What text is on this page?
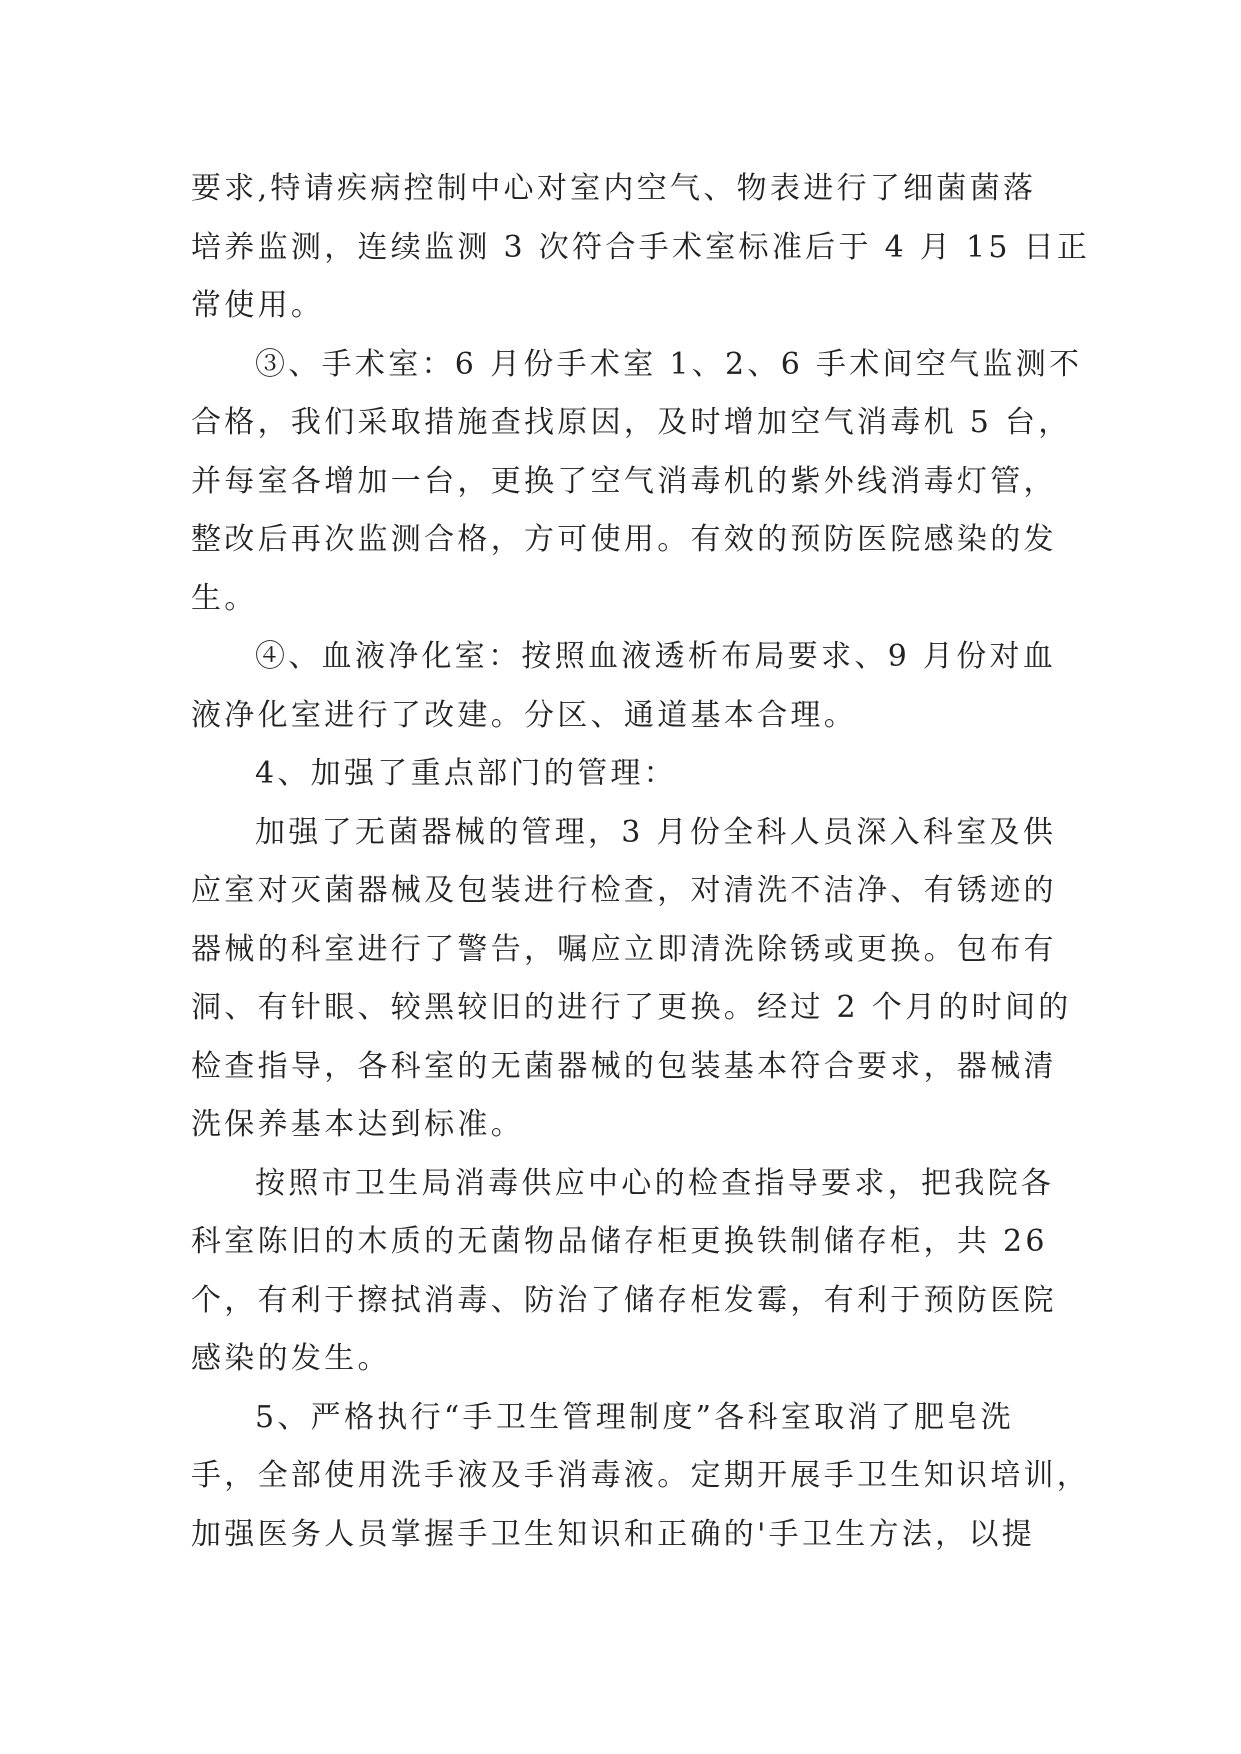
要求,特请疾病控制中心对室内空气、物表进行了细菌菌落
培养监测，连续监测 3 次符合手术室标准后于 4 月 15 日正
常使用。
③、手术室：6 月份手术室 1、2、6 手术间空气监测不
合格，我们采取措施查找原因，及时增加空气消毒机 5 台，
并每室各增加一台，更换了空气消毒机的紫外线消毒灯管，
整改后再次监测合格，方可使用。有效的预防医院感染的发
生。
④、血液净化室：按照血液透析布局要求、9 月份对血
液净化室进行了改建。分区、通道基本合理。
4、加强了重点部门的管理：
加强了无菌器械的管理，3 月份全科人员深入科室及供
应室对灭菌器械及包装进行检查，对清洗不洁净、有锈迹的
器械的科室进行了警告，嘱应立即清洗除锈或更换。包布有
洞、有针眼、较黑较旧的进行了更换。经过 2 个月的时间的
检查指导，各科室的无菌器械的包装基本符合要求，器械清
洗保养基本达到标准。
按照市卫生局消毒供应中心的检查指导要求，把我院各
科室陈旧的木质的无菌物品储存柜更换铁制储存柜，共 26
个，有利于擦拭消毒、防治了储存柜发霉，有利于预防医院
感染的发生。
5、严格执行“手卫生管理制度”各科室取消了肥皂洗
手，全部使用洗手液及手消毒液。定期开展手卫生知识培训，
加强医务人员掌握手卫生知识和正确的'手卫生方法，以提
